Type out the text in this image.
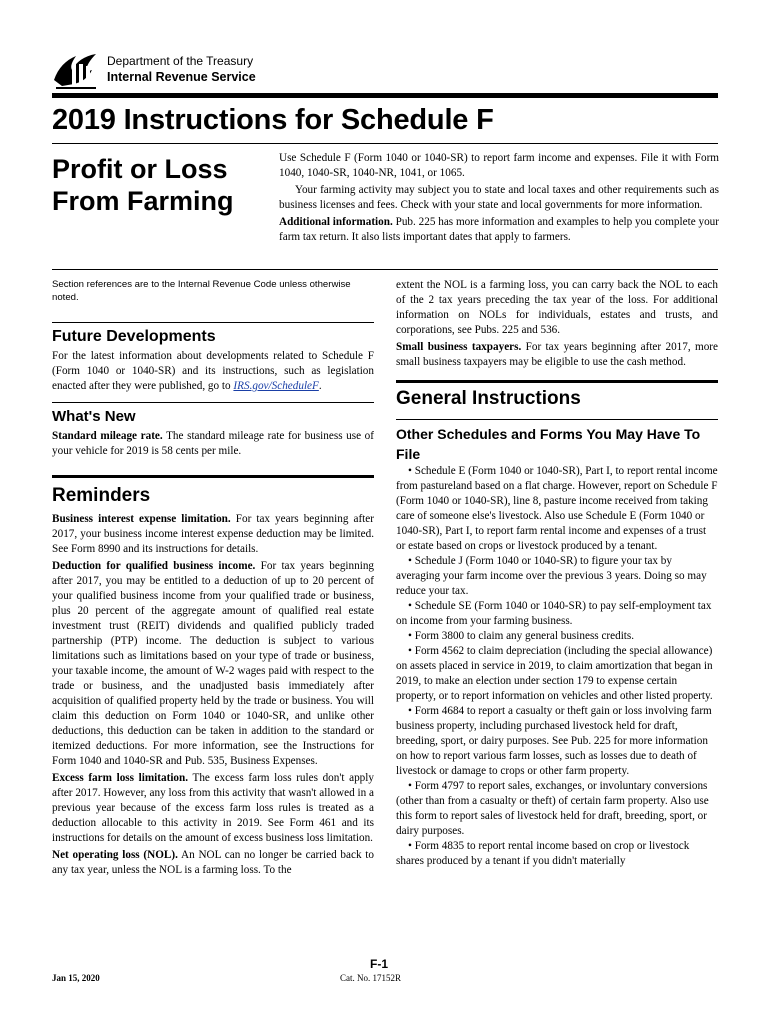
Department of the Treasury
Internal Revenue Service
2019 Instructions for Schedule F
Profit or Loss
From Farming

Use Schedule F (Form 1040 or 1040-SR) to report farm income and expenses. File it with Form 1040, 1040-SR, 1040-NR, 1041, or 1065.

Your farming activity may subject you to state and local taxes and other requirements such as business licenses and fees. Check with your state and local governments for more information.

Additional information. Pub. 225 has more information and examples to help you complete your farm tax return. It also lists important dates that apply to farmers.

Section references are to the Internal Revenue Code unless otherwise noted.

Future Developments

For the latest information about developments related to Schedule F (Form 1040 or 1040-SR) and its instructions, such as legislation enacted after they were published, go to IRS.gov/ScheduleF.

What's New

Standard mileage rate. The standard mileage rate for business use of your vehicle for 2019 is 58 cents per mile.

Reminders

Business interest expense limitation. For tax years beginning after 2017, your business income interest expense deduction may be limited. See Form 8990 and its instructions for details.

Deduction for qualified business income. For tax years beginning after 2017, you may be entitled to a deduction of up to 20 percent of your qualified business income from your qualified trade or business, plus 20 percent of the aggregate amount of qualified real estate investment trust (REIT) dividends and qualified publicly traded partnership (PTP) income. The deduction is subject to various limitations such as limitations based on your type of trade or business, your taxable income, the amount of W-2 wages paid with respect to the trade or business, and the unadjusted basis immediately after acquisition of qualified property held by the trade or business. You will claim this deduction on Form 1040 or 1040-SR, and unlike other deductions, this deduction can be taken in addition to the standard or itemized deductions. For more information, see the Instructions for Form 1040 and 1040-SR and Pub. 535, Business Expenses.

Excess farm loss limitation. The excess farm loss rules don't apply after 2017. However, any loss from this activity that wasn't allowed in a previous year because of the excess farm loss rules is treated as a deduction allocable to this activity in 2019. See Form 461 and its instructions for details on the amount of excess business loss limitation.

Net operating loss (NOL). An NOL can no longer be carried back to any tax year, unless the NOL is a farming loss. To the

extent the NOL is a farming loss, you can carry back the NOL to each of the 2 tax years preceding the tax year of the loss. For additional information on NOLs for individuals, estates and trusts, and corporations, see Pubs. 225 and 536.

Small business taxpayers. For tax years beginning after 2017, more small business taxpayers may be eligible to use the cash method.

General Instructions
Other Schedules and Forms You May Have To File

• Schedule E (Form 1040 or 1040-SR), Part I, to report rental income from pastureland based on a flat charge. However, report on Schedule F (Form 1040 or 1040-SR), line 8, pasture income received from taking care of someone else's livestock. Also use Schedule E (Form 1040 or 1040-SR), Part I, to report farm rental income and expenses of a trust or estate based on crops or livestock produced by a tenant.

• Schedule J (Form 1040 or 1040-SR) to figure your tax by averaging your farm income over the previous 3 years. Doing so may reduce your tax.

• Schedule SE (Form 1040 or 1040-SR) to pay self-employment tax on income from your farming business.

• Form 3800 to claim any general business credits.

• Form 4562 to claim depreciation (including the special allowance) on assets placed in service in 2019, to claim amortization that began in 2019, to make an election under section 179 to expense certain property, or to report information on vehicles and other listed property.

• Form 4684 to report a casualty or theft gain or loss involving farm business property, including purchased livestock held for draft, breeding, sport, or dairy purposes. See Pub. 225 for more information on how to report various farm losses, such as losses due to death of livestock or damage to crops or other farm property.

• Form 4797 to report sales, exchanges, or involuntary conversions (other than from a casualty or theft) of certain farm property. Also use this form to report sales of livestock held for draft, breeding, sport, or dairy purposes.

• Form 4835 to report rental income based on crop or livestock shares produced by a tenant if you didn't materially

F-1
Jan 15, 2020	Cat. No. 17152R
